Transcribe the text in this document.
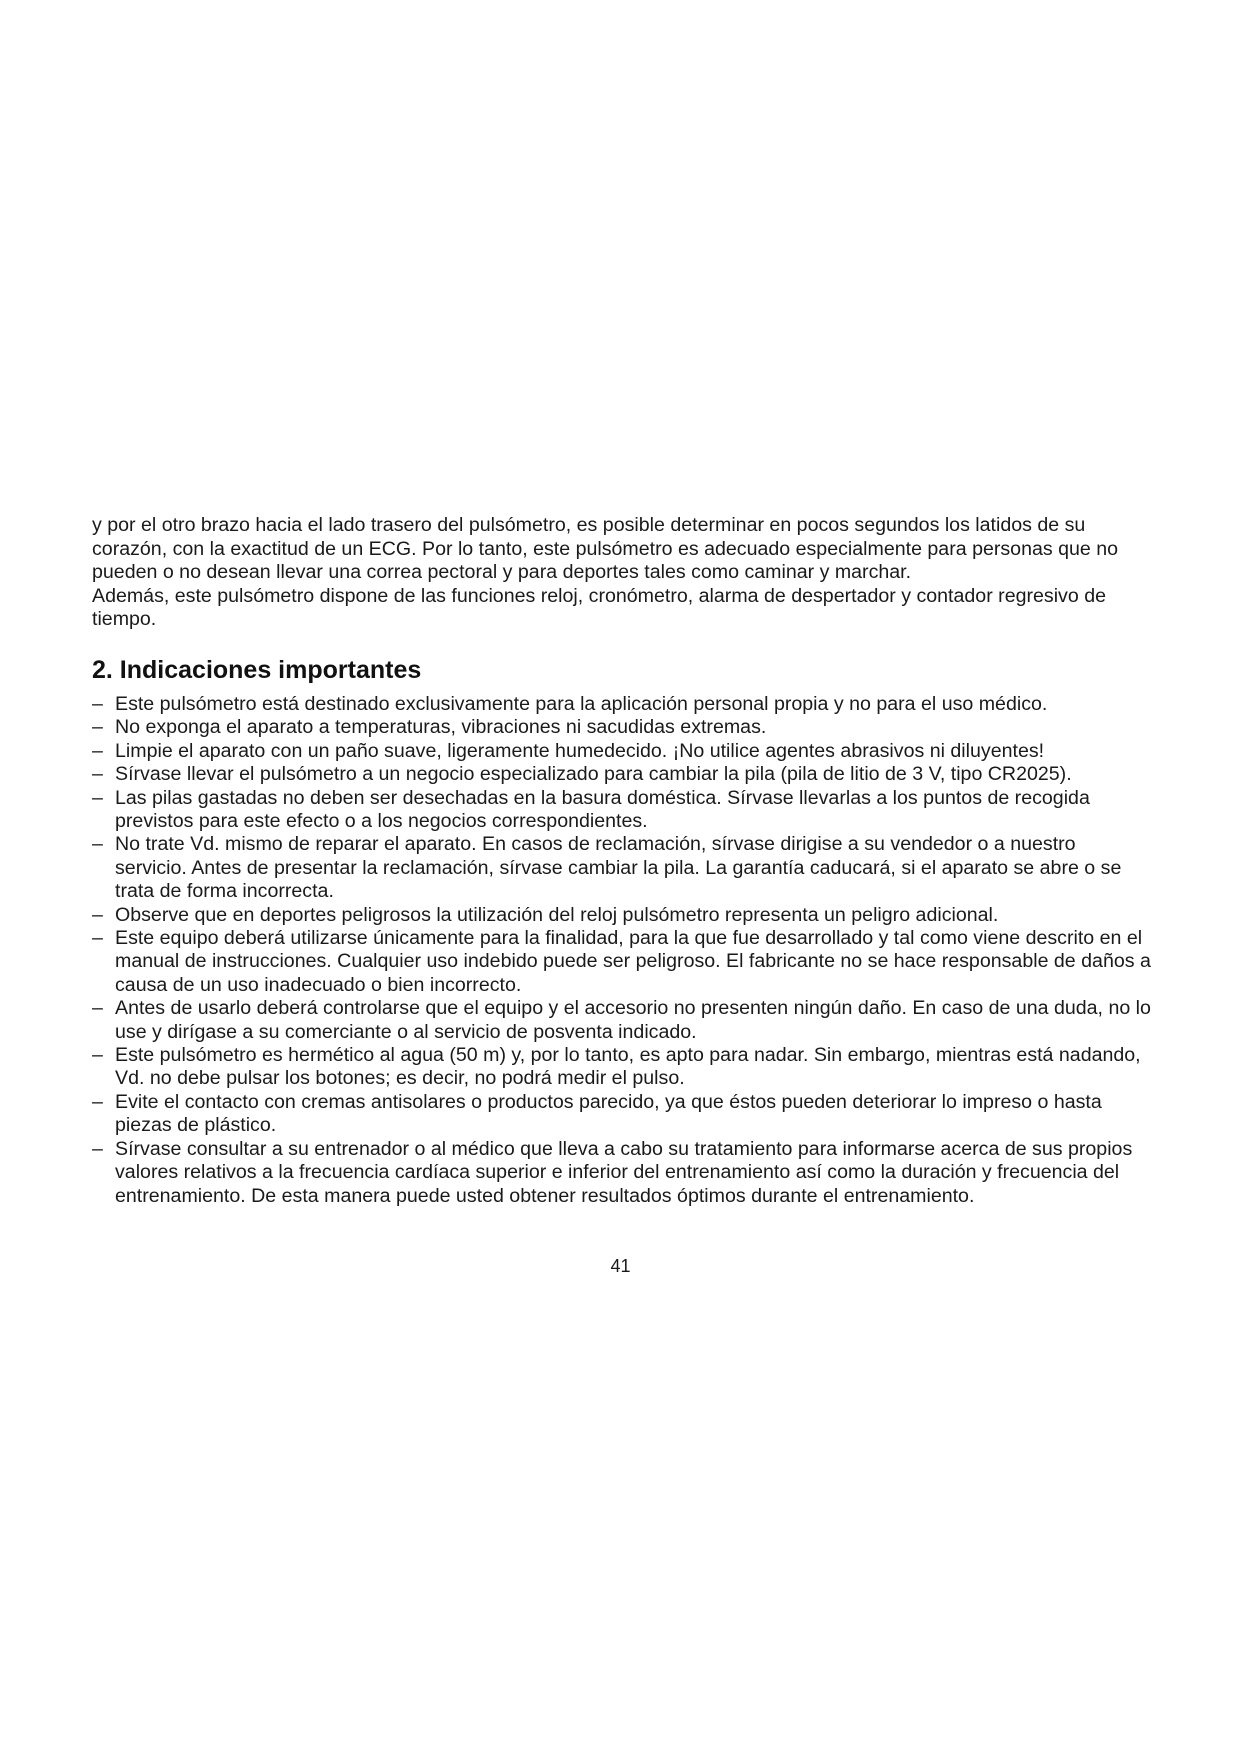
y por el otro brazo hacia el lado trasero del pulsómetro, es posible determinar en pocos segundos los latidos de su corazón, con la exactitud de un ECG. Por lo tanto, este pulsómetro es adecuado especialmente para personas que no pueden o no desean llevar una correa pectoral y para deportes tales como caminar y marchar.

Además, este pulsómetro dispone de las funciones reloj, cronómetro, alarma de despertador y contador regresivo de tiempo.

2. Indicaciones importantes
– Este pulsómetro está destinado exclusivamente para la aplicación personal propia y no para el uso médico.
– No exponga el aparato a temperaturas, vibraciones ni sacudidas extremas.
– Limpie el aparato con un paño suave, ligeramente humedecido. ¡No utilice agentes abrasivos ni diluyentes!
– Sírvase llevar el pulsómetro a un negocio especializado para cambiar la pila (pila de litio de 3 V, tipo CR2025).
– Las pilas gastadas no deben ser desechadas en la basura doméstica. Sírvase llevarlas a los puntos de recogida previstos para este efecto o a los negocios correspondientes.
– No trate Vd. mismo de reparar el aparato. En casos de reclamación, sírvase dirigise a su vendedor o a nuestro servicio. Antes de presentar la reclamación, sírvase cambiar la pila. La garantía caducará, si el aparato se abre o se trata de forma incorrecta.
– Observe que en deportes peligrosos la utilización del reloj pulsómetro representa un peligro adicional.
– Este equipo deberá utilizarse únicamente para la finalidad, para la que fue desarrollado y tal como viene descrito en el manual de instrucciones. Cualquier uso indebido puede ser peligroso. El fabricante no se hace responsable de daños a causa de un uso inadecuado o bien incorrecto.
– Antes de usarlo deberá controlarse que el equipo y el accesorio no presenten ningún daño. En caso de una duda, no lo use y dirígase a su comerciante o al servicio de posventa indicado.
– Este pulsómetro es hermético al agua (50 m) y, por lo tanto, es apto para nadar. Sin embargo, mientras está nadando, Vd. no debe pulsar los botones; es decir, no podrá medir el pulso.
– Evite el contacto con cremas antisolares o productos parecido, ya que éstos pueden deteriorar lo impreso o hasta piezas de plástico.
– Sírvase consultar a su entrenador o al médico que lleva a cabo su tratamiento para informarse acerca de sus propios valores relativos a la frecuencia cardíaca superior e inferior del entrenamiento así como la duración y frecuencia del entrenamiento. De esta manera puede usted obtener resultados óptimos durante el entrenamiento.
41
